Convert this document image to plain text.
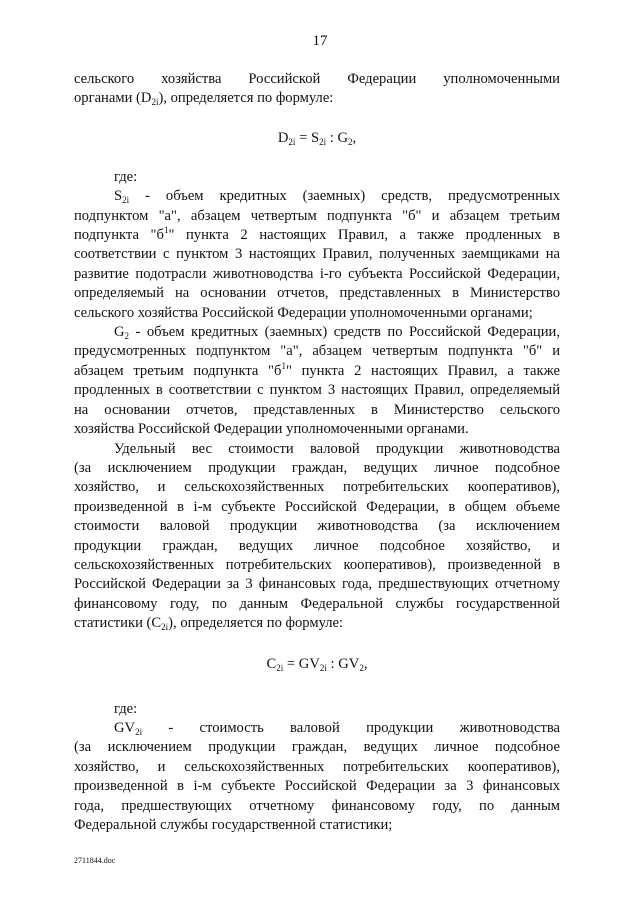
17

сельского хозяйства Российской Федерации уполномоченными
органами $(D_{2i})$, определяется по формуле:

$D_{2i} = S_{2i}$ : $G_2$,

где:

$S_{2i}$ - объем кредитных (заемных) средств, предусмотренных
подпунктом "а", абзацем четвертым подпункта "б" и абзацем третьим
подпункта "$б^1$" пункта 2 настоящих Правил, а также продленных в
соответствии с пунктом 3 настоящих Правил, полученных заемщиками на
развитие подотрасли животноводства i-го субъекта Российской Федерации,
определяемый на основании отчетов, представленных в Министерство
сельского хозяйства Российской Федерации уполномоченными органами;

$G_2$ - объем кредитных (заемных) средств по Российской Федерации,
предусмотренных подпунктом "а", абзацем четвертым подпункта "б" и
абзацем третьим подпункта "$б^1$" пункта 2 настоящих Правил, а также
продленных в соответствии с пунктом 3 настоящих Правил, определяемый
на основании отчетов, представленных в Министерство сельского
хозяйства Российской Федерации уполномоченными органами.

Удельный вес стоимости валовой продукции животноводства
(за исключением продукции граждан, ведущих личное подсобное
хозяйство, и сельскохозяйственных потребительских кооперативов),
произведенной в i-м субъекте Российской Федерации, в общем объеме
стоимости валовой продукции животноводства (за исключением
продукции граждан, ведущих личное подсобное хозяйство, и
сельскохозяйственных потребительских кооперативов), произведенной в
Российской Федерации за 3 финансовых года, предшествующих отчетному
финансовому году, по данным Федеральной службы государственной
статистики $(C_{2i})$, определяется по формуле:

$C_{2i} = GV_{2i}$ : $GV_2$,

где:

$GV_{2i}$ - стоимость валовой продукции животноводства
(за исключением продукции граждан, ведущих личное подсобное
хозяйство, и сельскохозяйственных потребительских кооперативов),
произведенной в i-м субъекте Российской Федерации за 3 финансовых
года, предшествующих отчетному финансовому году, по данным
Федеральной службы государственной статистики;

2711844.doc
